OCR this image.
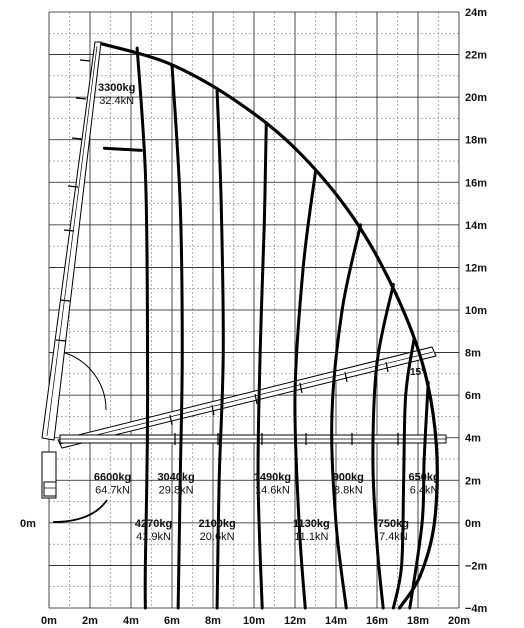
3300kg
32.4kN
6600kg
64.7kN
3040kg
29.8kN
1490kg
14.6kN
900kg
8.8kN
650kg
6.4kN
4270kg
41.9kN
2100kg
20.6kN
1130kg
11.1kN
750kg
7.4kN
15°
0m 2m 4m 6m 8m 10m 12m 14m 16m 18m 20m
24m
22m
20m
18m
16m
14m
12m
10m
8m
6m
4m
2m
0m
−2m
−4m
0m
